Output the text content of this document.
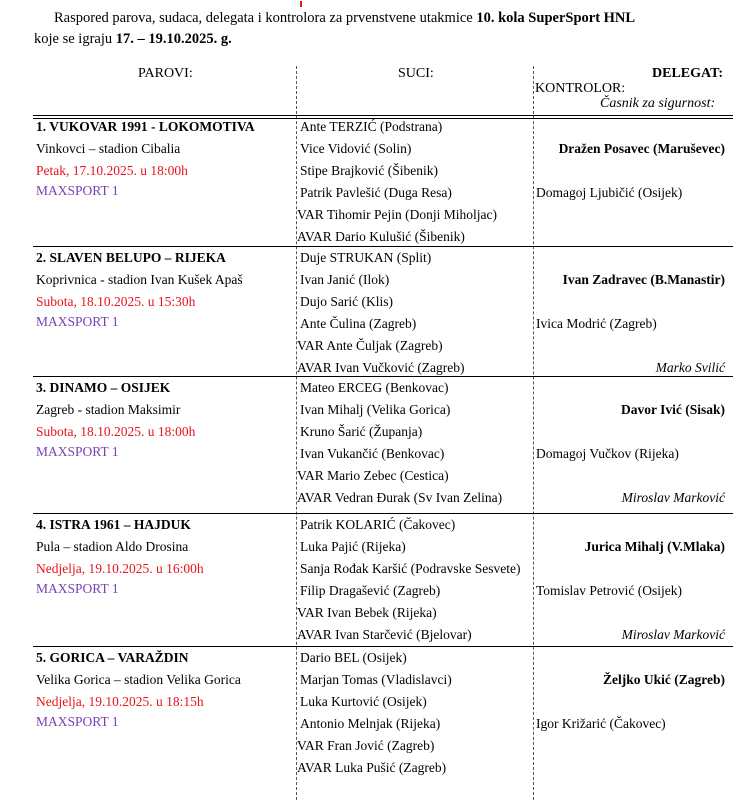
Raspored parova, sudaca, delegata i kontrolora za prvenstvene utakmice 10. kola SuperSport HNL
koje se igraju 17. – 19.10.2025. g.
PAROVI:	SUCI:	DELEGAT:
KONTROLOR:
Časnik za sigurnost:
1. VUKOVAR 1991 - LOKOMOTIVA
Vinkovci – stadion Cibalia
Petak, 17.10.2025. u 18:00h
MAXSPORT 1
Ante TERZIĆ (Podstrana)
Vice Vidović (Solin)
Stipe Brajković (Šibenik)
Patrik Pavlešić (Duga Resa)
VAR Tihomir Pejin (Donji Miholjac)
AVAR Dario Kulušić (Šibenik)
Dražen Posavec (Maruševec)
Domagoj Ljubičić (Osijek)
2. SLAVEN BELUPO – RIJEKA
Koprivnica - stadion Ivan Kušek Apaš
Subota, 18.10.2025. u 15:30h
MAXSPORT 1
Duje STRUKAN (Split)
Ivan Janić (Ilok)
Dujo Sarić (Klis)
Ante Čulina (Zagreb)
VAR Ante Čuljak (Zagreb)
AVAR Ivan Vučković (Zagreb)
Ivan Zadravec (B.Manastir)
Ivica Modrić (Zagreb)
Marko Svilić
3. DINAMO – OSIJEK
Zagreb - stadion Maksimir
Subota, 18.10.2025. u 18:00h
MAXSPORT 1
Mateo ERCEG (Benkovac)
Ivan Mihalj (Velika Gorica)
Kruno Šarić (Županja)
Ivan Vukančić (Benkovac)
VAR Mario Zebec (Cestica)
AVAR Vedran Đurak (Sv Ivan Zelina)
Davor Ivić (Sisak)
Domagoj Vučkov (Rijeka)
Miroslav Marković
4. ISTRA 1961 – HAJDUK
Pula – stadion Aldo Drosina
Nedjelja, 19.10.2025. u 16:00h
MAXSPORT 1
Patrik KOLARIĆ (Čakovec)
Luka Pajić (Rijeka)
Sanja Rođak Karšić (Podravske Sesvete)
Filip Dragašević (Zagreb)
VAR Ivan Bebek (Rijeka)
AVAR Ivan Starčević (Bjelovar)
Jurica Mihalj (V.Mlaka)
Tomislav Petrović (Osijek)
Miroslav Marković
5. GORICA – VARAŽDIN
Velika Gorica – stadion Velika Gorica
Nedjelja, 19.10.2025. u 18:15h
MAXSPORT 1
Dario BEL (Osijek)
Marjan Tomas (Vladislavci)
Luka Kurtović (Osijek)
Antonio Melnjak (Rijeka)
VAR Fran Jović (Zagreb)
AVAR Luka Pušić (Zagreb)
Željko Ukić (Zagreb)
Igor Križarić (Čakovec)
